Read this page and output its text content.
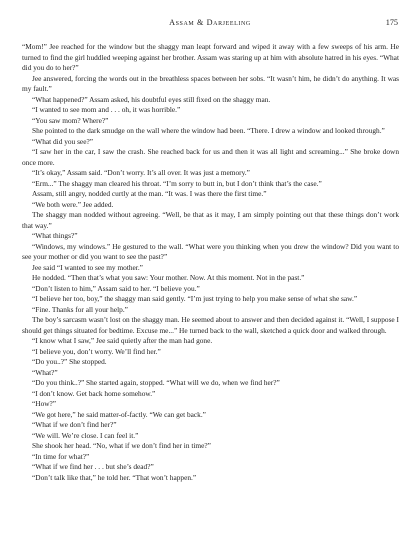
Assam & Darjeeling	175

“Mom!” Jee reached for the window but the shaggy man leapt forward and wiped it away with a few sweeps of his arm. He turned to find the girl huddled weeping against her brother. Assam was staring up at him with absolute hatred in his eyes. “What did you do to her?”

Jee answered, forcing the words out in the breathless spaces between her sobs. “It wasn’t him, he didn’t do anything. It was my fault.”

“What happened?” Assam asked, his doubtful eyes still fixed on the shaggy man.

“I wanted to see mom and . . . oh, it was horrible.”

“You saw mom? Where?”

She pointed to the dark smudge on the wall where the window had been. “There. I drew a window and looked through.”

“What did you see?”

“I saw her in the car, I saw the crash. She reached back for us and then it was all light and screaming...” She broke down once more.

“It’s okay,” Assam said. “Don’t worry. It’s all over. It was just a memory.”

“Erm...” The shaggy man cleared his throat. “I’m sorry to butt in, but I don’t think that’s the case.”

Assam, still angry, nodded curtly at the man. “It was. I was there the first time.”

“We both were.” Jee added.

The shaggy man nodded without agreeing. “Well, be that as it may, I am simply pointing out that these things don’t work that way.”

“What things?”

“Windows, my windows.” He gestured to the wall. “What were you thinking when you drew the window? Did you want to see your mother or did you want to see the past?”

Jee said “I wanted to see my mother.”

He nodded. “Then that’s what you saw: Your mother. Now. At this moment. Not in the past.”

“Don’t listen to him,” Assam said to her. “I believe you.”

“I believe her too, boy,” the shaggy man said gently. “I’m just trying to help you make sense of what she saw.”

“Fine. Thanks for all your help.”

The boy’s sarcasm wasn’t lost on the shaggy man. He seemed about to answer and then decided against it. “Well, I suppose I should get things situated for bedtime. Excuse me...” He turned back to the wall, sketched a quick door and walked through.

“I know what I saw,” Jee said quietly after the man had gone.

“I believe you, don’t worry. We’ll find her.”

“Do you..?” She stopped.

“What?”

“Do you think..?” She started again, stopped. “What will we do, when we find her?”

“I don’t know. Get back home somehow.”

“How?”

“We got here,” he said matter-of-factly. “We can get back.”

“What if we don’t find her?”

“We will. We’re close. I can feel it.”

She shook her head. “No, what if we don’t find her in time?”

“In time for what?”

“What if we find her . . . but she’s dead?”

“Don’t talk like that,” he told her. “That won’t happen.”
